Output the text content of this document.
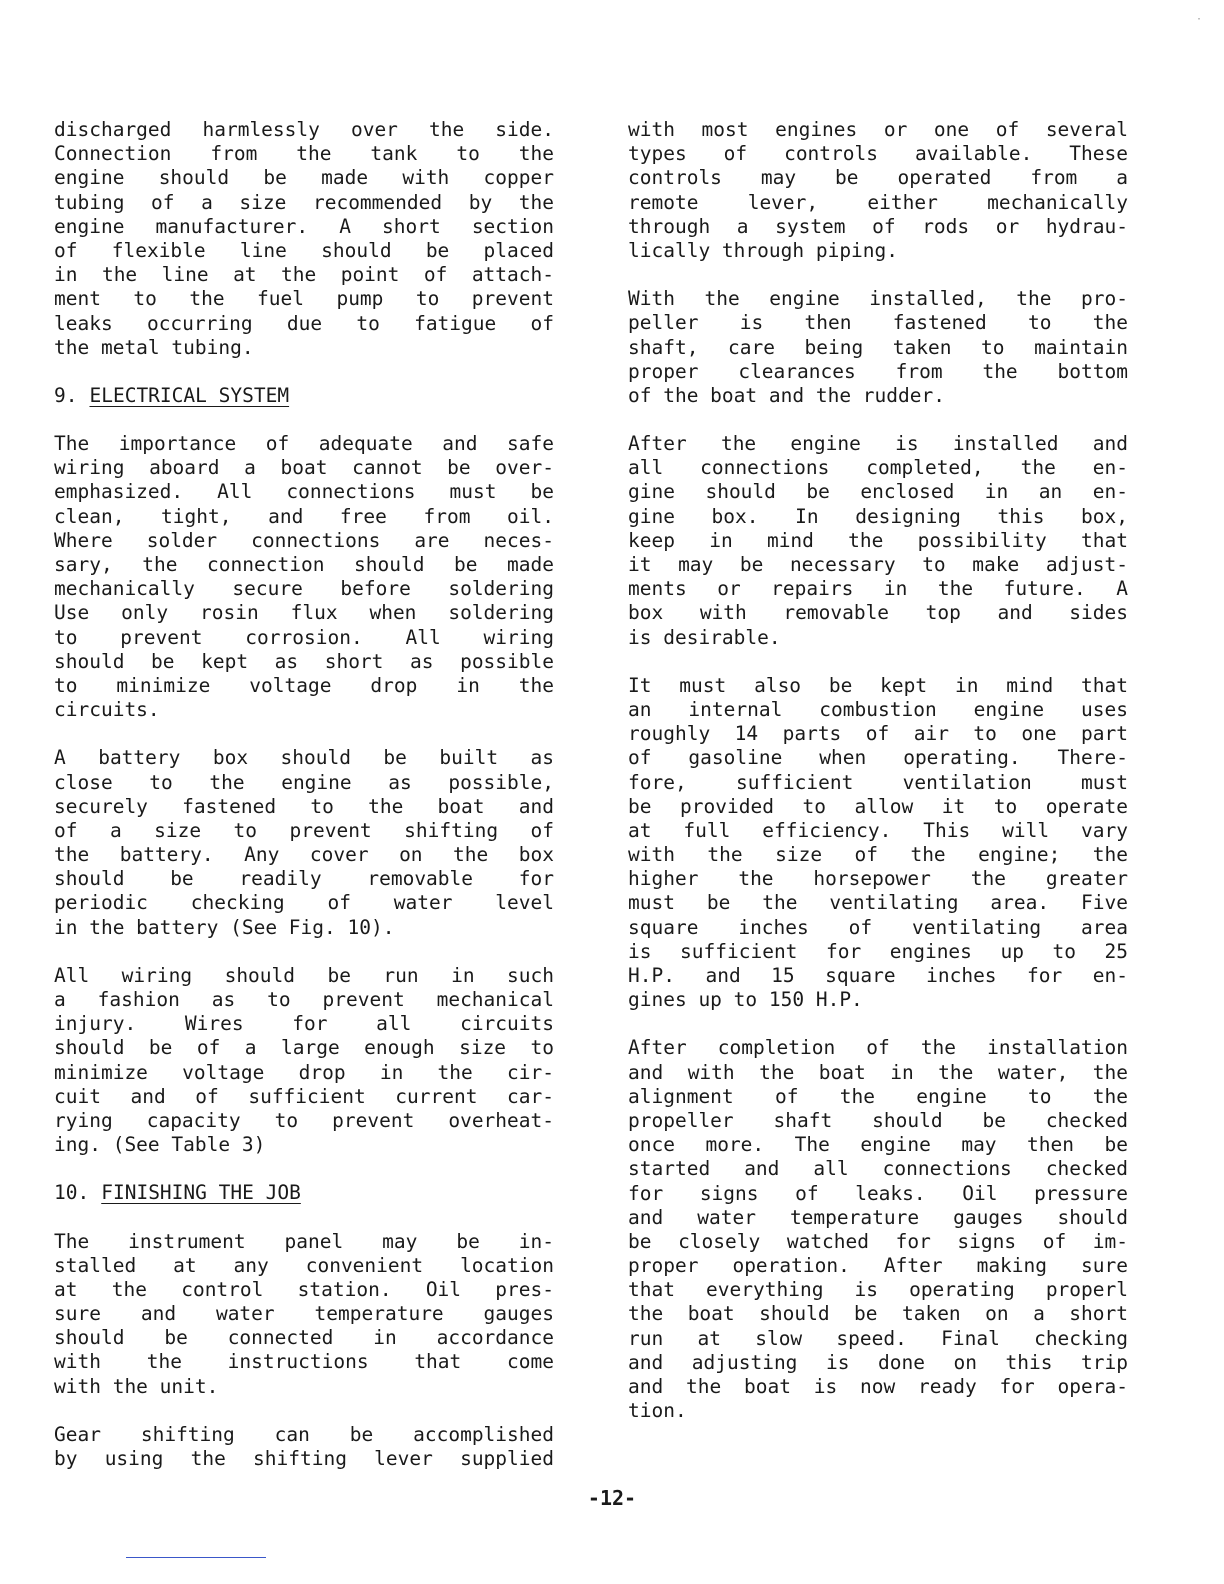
·
discharged harmlessly over the side.
Connection from the tank to the
engine should be made with copper
tubing of a size recommended by the
engine manufacturer. A short section
of flexible line should be placed
in the line at the point of attach-
ment to the fuel pump to prevent
leaks occurring due to fatigue of
the metal tubing.
9. ELECTRICAL SYSTEM
The importance of adequate and safe
wiring aboard a boat cannot be over-
emphasized. All connections must be
clean, tight, and free from oil.
Where solder connections are neces-
sary, the connection should be made
mechanically secure before soldering
Use only rosin flux when soldering
to prevent corrosion. All wiring
should be kept as short as possible
to minimize voltage drop in the
circuits.
A battery box should be built as
close to the engine as possible,
securely fastened to the boat and
of a size to prevent shifting of
the battery. Any cover on the box
should be readily removable for
periodic checking of water level
in the battery (See Fig. 10).
All wiring should be run in such
a fashion as to prevent mechanical
injury. Wires for all circuits
should be of a large enough size to
minimize voltage drop in the cir-
cuit and of sufficient current car-
rying capacity to prevent overheat-
ing. (See Table 3)
10. FINISHING THE JOB
The instrument panel may be in-
stalled at any convenient location
at the control station. Oil pres-
sure and water temperature gauges
should be connected in accordance
with the instructions that come
with the unit.
Gear shifting can be accomplished
by using the shifting lever supplied
with most engines or one of several
types of controls available. These
controls may be operated from a
remote lever, either mechanically
through a system of rods or hydrau-
lically through piping.
With the engine installed, the pro-
peller is then fastened to the
shaft, care being taken to maintain
proper clearances from the bottom
of the boat and the rudder.
After the engine is installed and
all connections completed, the en-
gine should be enclosed in an en-
gine box. In designing this box,
keep in mind the possibility that
it may be necessary to make adjust-
ments or repairs in the future. A
box with removable top and sides
is desirable.
It must also be kept in mind that
an internal combustion engine uses
roughly 14 parts of air to one part
of gasoline when operating. There-
fore, sufficient ventilation must
be provided to allow it to operate
at full efficiency. This will vary
with the size of the engine; the
higher the horsepower the greater
must be the ventilating area. Five
square inches of ventilating area
is sufficient for engines up to 25
H.P. and 15 square inches for en-
gines up to 150 H.P.
After completion of the installation
and with the boat in the water, the
alignment of the engine to the
propeller shaft should be checked
once more. The engine may then be
started and all connections checked
for signs of leaks. Oil pressure
and water temperature gauges should
be closely watched for signs of im-
proper operation. After making sure
that everything is operating properl
the boat should be taken on a short
run at slow speed. Final checking
and adjusting is done on this trip
and the boat is now ready for opera-
tion.
-12-
